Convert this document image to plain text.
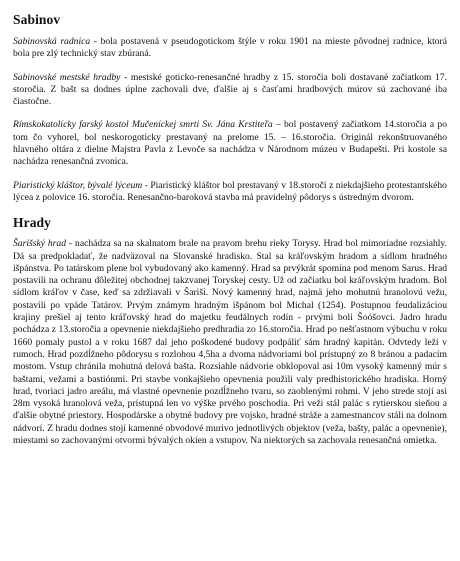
Sabinov

Sabinovská radnica - bola postavená v pseudogotickom štýle v roku 1901 na mieste pôvodnej radnice, ktorá bola pre zlý technický stav zbúraná.

Sabinovské mestské hradby - mestské goticko-renesančné hradby z 15. storočia boli dostavané začiatkom 17. storočia. Z bašt sa dodnes úplne zachovali dve, ďalšie aj s časťami hradbových múrov sú zachované iba čiastočne.

Rímskokatolícky farský kostol Mučeníckej smrti Sv. Jána Krstiteľa – bol postavený začiatkom 14.storočia a po tom čo vyhorel, bol neskorogoticky prestavaný na prelome 15. – 16.storočia. Originál rekonštruovaného hlavného oltára z dielne Majstra Pavla z Levoče sa nachádza v Národnom múzeu v Budapešti. Pri kostole sa nachádza renesančná zvonica.

Piaristický kláštor, bývalé lýceum - Piaristický kláštor bol prestavaný v 18.storočí z niekdajšieho protestantského lýcea z polovice 16. storočia. Renesančno-baroková stavba má pravidelný pôdorys s ústredným dvorom.

Hrady

Šarišský hrad - nachádza sa na skalnatom brale na pravom brehu rieky Torysy. Hrad bol mimoriadne rozsiahly. Dá sa predpokladať, že nadväzoval na Slovanské hradisko. Stal sa kráľovským hradom a sídlom hradného išpánstva. Po tatárskom plene bol vybudovaný ako kamenný. Hrad sa prvýkrát spomína pod menom Sarus. Hrad postavili na ochranu dôležitej obchodnej takzvanej Toryskej cesty. Už od začiatku bol kráľovským hradom. Bol sídlom kráľov v čase, keď sa zdržiavali v Šariši. Nový kamenný hrad, najmä jeho mohutnú hranolovú vežu, postavili po vpáde Tatárov. Prvým známym hradným išpánom bol Michal (1254). Postupnou feudalizáciou krajiny prešiel aj tento kráľovský hrad do majetku feudálnych rodín - prvými boli Šoóšovci. Jadro hradu pochádza z 13.storočia a opevnenie niekdajšieho predhradia zo 16.storočia. Hrad po nešťastnom výbuchu v roku 1660 pomaly pustol a v roku 1687 dal jeho poškodené budovy podpáliť sám hradný kapitán. Odvtedy leží v rumoch. Hrad pozdĺžneho pôdorysu s rozlohou 4,5ha a dvoma nádvoriami bol prístupný zo 8 bránou a padacím mostom. Vstup chránila mohutná delová bašta. Rozsiahle nádvorie obklopoval asi 10m vysoký kamenný múr s baštami, vežami a bastiónmi. Pri stavbe vonkajšieho opevnenia použili valy predhistorického hradiska. Horný hrad, tvoriaci jadro areálu, má vlastné opevnenie pozdĺžneho tvaru, so zaoblenými rohmi. V jeho strede stojí asi 28m vysoká hranolová veža, prístupná len vo výške prvého poschodia. Pri veži stál palác s rytierskou sieňou a ďalšie obytné priestory. Hospodárske a obytné budovy pre vojsko, hradné stráže a zamestnancov stáli na dolnom nádvorí. Z hradu dodnes stojí kamenné obvodové murivo jednotlivých objektov (veža, bašty, palác a opevnenie), miestami so zachovanými otvormi bývalých okien a vstupov. Na niektorých sa zachovala renesančná omietka.
